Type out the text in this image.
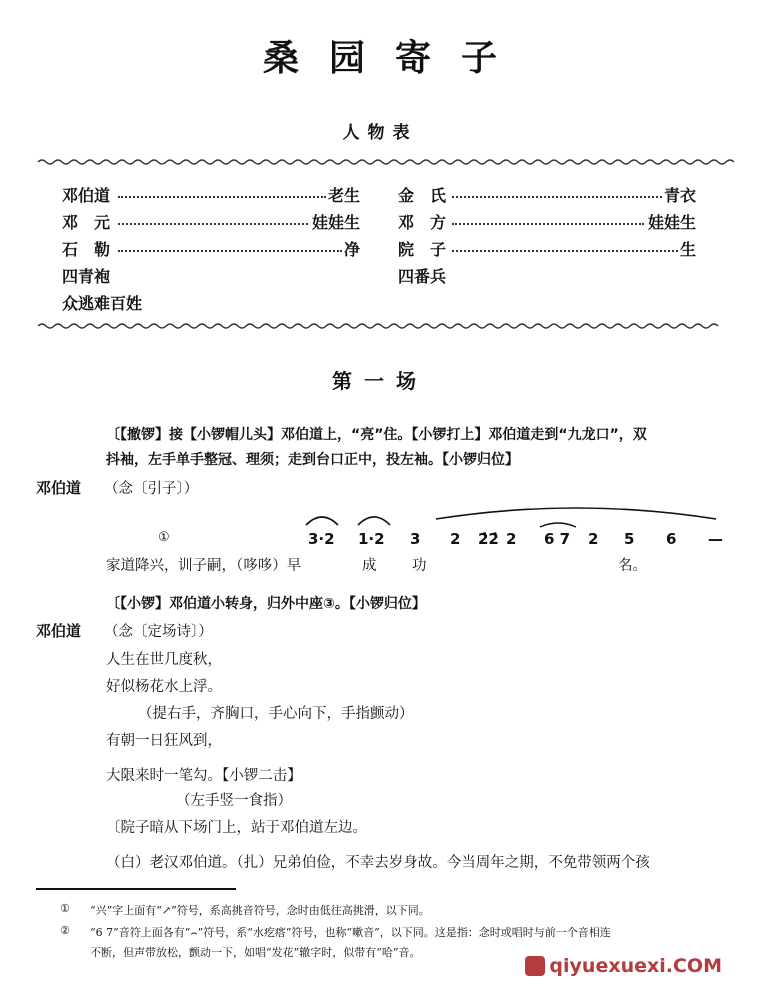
桑园寄子
人物表
邓伯道	老生 金　氏	青衣
邓　元	娃娃生 邓　方	娃娃生
石　勒	净 院　子	生
四青袍	四番兵
众逃难百姓
第一场
〔【撤锣】接【小锣帽儿头】邓伯道上，“亮”住。【小锣打上】邓伯道走到“九龙口”，双
抖袖，左手单手整冠、理须；走到台口正中，投左袖。【小锣归位】
邓伯道 （念〔引子〕）
3·2 1·2 3 2 2̇2̇ 2 6 7 2 5 6 —
①
家道降兴， 训子嗣，（哆哆）早	成 功	名。
〔【小锣】邓伯道小转身，归外中座③。【小锣归位】
邓伯道 （念〔定场诗〕）
人生在世几度秋，
好似杨花水上浮。
（提右手，齐胸口，手心向下，手指颤动）
有朝一日狂风到，
大限来时一笔勾。【小锣二击】
（左手竖一食指）
〔院子暗从下场门上，站于邓伯道左边。
（白）老汉邓伯道。（扎）兄弟伯俭，不幸去岁身故。今当周年之期，不免带领两个孩
① “兴”字上面有“↗”符号，系高挑音符号，念时由低往高挑滑，以下同。
② “6 7”音符上面各有“⌢”符号，系“水疙瘩”符号，也称“嗽音”，以下同。这是指：念时或唱时与前一个音相连
不断，但声带放松，颤动一下，如唱“发花”辙字时，似带有“哈”音。
qiyuexuexi.COM
